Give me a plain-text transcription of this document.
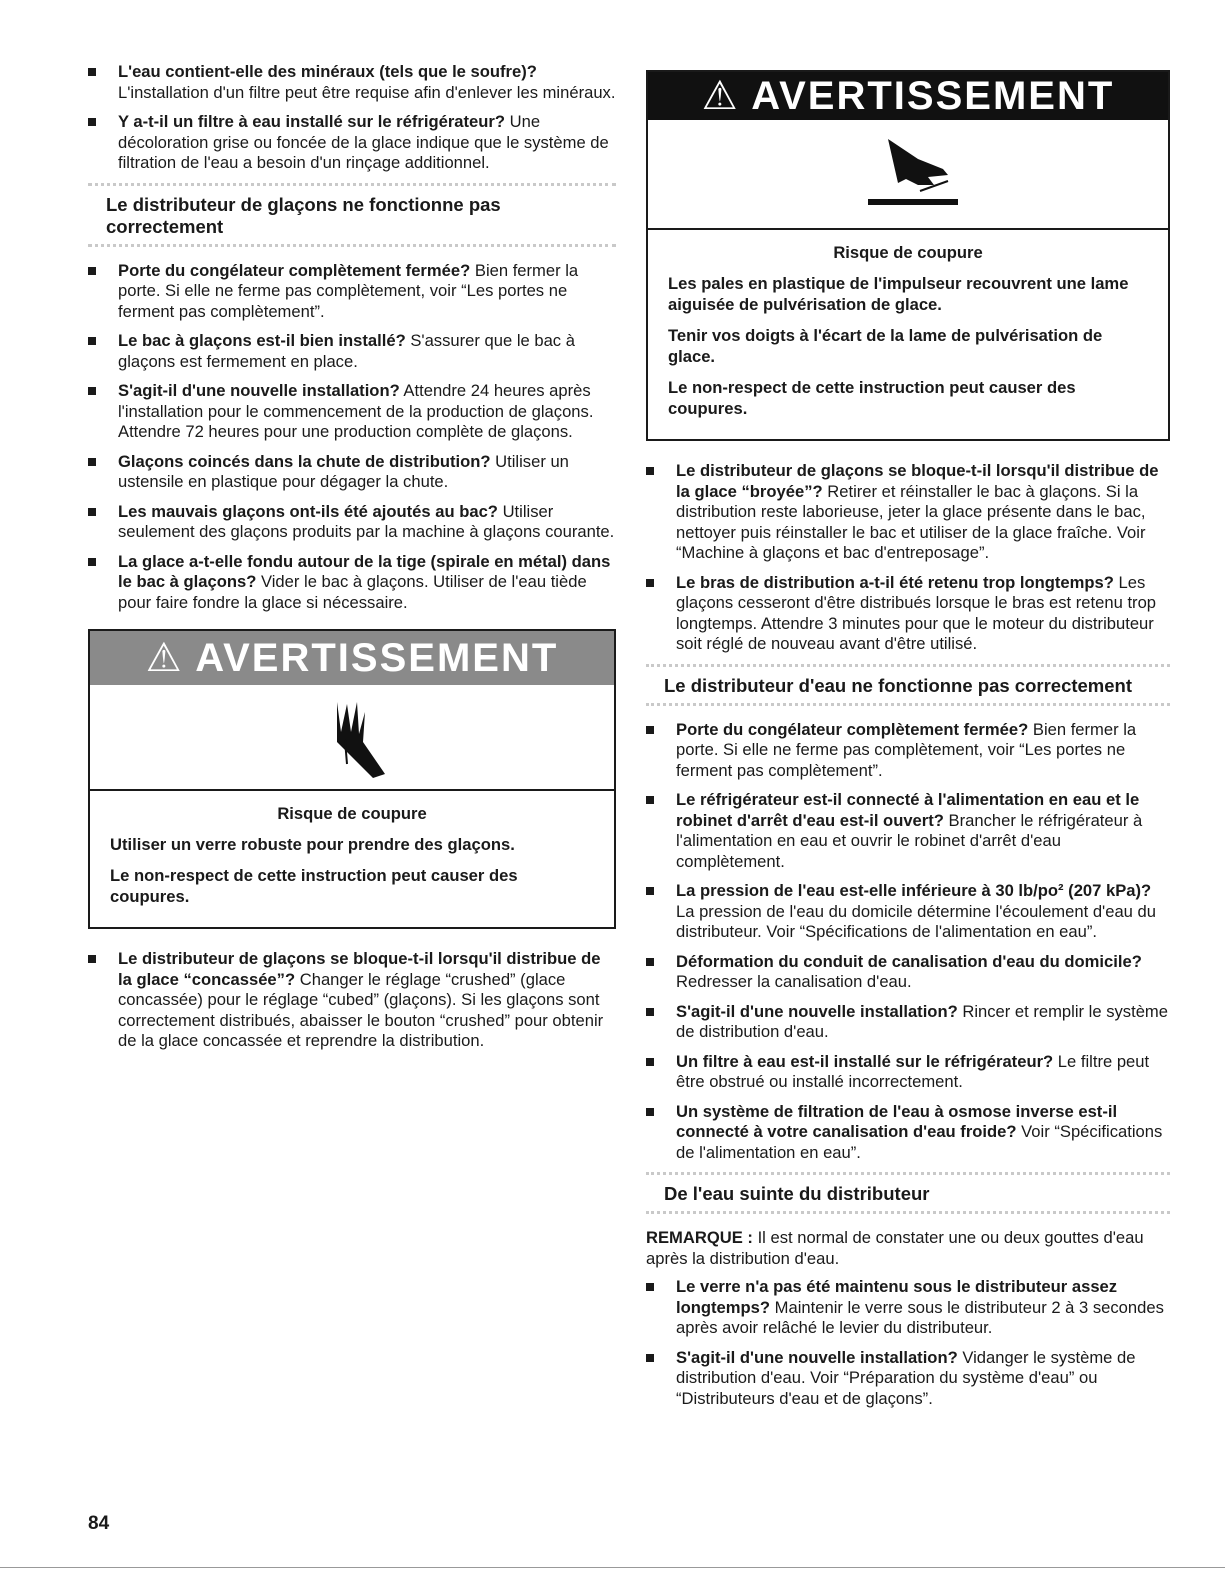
L'eau contient-elle des minéraux (tels que le soufre)? L'installation d'un filtre peut être requise afin d'enlever les minéraux.
Y a-t-il un filtre à eau installé sur le réfrigérateur? Une décoloration grise ou foncée de la glace indique que le système de filtration de l'eau a besoin d'un rinçage additionnel.
Le distributeur de glaçons ne fonctionne pas correctement
Porte du congélateur complètement fermée? Bien fermer la porte. Si elle ne ferme pas complètement, voir “Les portes ne ferment pas complètement”.
Le bac à glaçons est-il bien installé? S'assurer que le bac à glaçons est fermement en place.
S'agit-il d'une nouvelle installation? Attendre 24 heures après l'installation pour le commencement de la production de glaçons. Attendre 72 heures pour une production complète de glaçons.
Glaçons coincés dans la chute de distribution? Utiliser un ustensile en plastique pour dégager la chute.
Les mauvais glaçons ont-ils été ajoutés au bac? Utiliser seulement des glaçons produits par la machine à glaçons courante.
La glace a-t-elle fondu autour de la tige (spirale en métal) dans le bac à glaçons? Vider le bac à glaçons. Utiliser de l'eau tiède pour faire fondre la glace si nécessaire.
⚠ AVERTISSEMENT
Risque de coupure

Utiliser un verre robuste pour prendre des glaçons.

Le non-respect de cette instruction peut causer des coupures.

Le distributeur de glaçons se bloque-t-il lorsqu'il distribue de la glace “concassée”? Changer le réglage “crushed” (glace concassée) pour le réglage “cubed” (glaçons). Si les glaçons sont correctement distribués, abaisser le bouton “crushed” pour obtenir de la glace concassée et reprendre la distribution.
⚠ AVERTISSEMENT
Risque de coupure

Les pales en plastique de l'impulseur recouvrent une lame aiguisée de pulvérisation de glace.

Tenir vos doigts à l'écart de la lame de pulvérisation de glace.

Le non-respect de cette instruction peut causer des coupures.

Le distributeur de glaçons se bloque-t-il lorsqu'il distribue de la glace “broyée”? Retirer et réinstaller le bac à glaçons. Si la distribution reste laborieuse, jeter la glace présente dans le bac, nettoyer puis réinstaller le bac et utiliser de la glace fraîche. Voir “Machine à glaçons et bac d'entreposage”.
Le bras de distribution a-t-il été retenu trop longtemps? Les glaçons cesseront d'être distribués lorsque le bras est retenu trop longtemps. Attendre 3 minutes pour que le moteur du distributeur soit réglé de nouveau avant d'être utilisé.
Le distributeur d'eau ne fonctionne pas correctement
Porte du congélateur complètement fermée? Bien fermer la porte. Si elle ne ferme pas complètement, voir “Les portes ne ferment pas complètement”.
Le réfrigérateur est-il connecté à l'alimentation en eau et le robinet d'arrêt d'eau est-il ouvert? Brancher le réfrigérateur à l'alimentation en eau et ouvrir le robinet d'arrêt d'eau complètement.
La pression de l'eau est-elle inférieure à 30 lb/po² (207 kPa)? La pression de l'eau du domicile détermine l'écoulement d'eau du distributeur. Voir “Spécifications de l'alimentation en eau”.
Déformation du conduit de canalisation d'eau du domicile? Redresser la canalisation d'eau.
S'agit-il d'une nouvelle installation? Rincer et remplir le système de distribution d'eau.
Un filtre à eau est-il installé sur le réfrigérateur? Le filtre peut être obstrué ou installé incorrectement.
Un système de filtration de l'eau à osmose inverse est-il connecté à votre canalisation d'eau froide? Voir “Spécifications de l'alimentation en eau”.
De l'eau suinte du distributeur

REMARQUE : Il est normal de constater une ou deux gouttes d'eau après la distribution d'eau.

Le verre n'a pas été maintenu sous le distributeur assez longtemps? Maintenir le verre sous le distributeur 2 à 3 secondes après avoir relâché le levier du distributeur.
S'agit-il d'une nouvelle installation? Vidanger le système de distribution d'eau. Voir “Préparation du système d'eau” ou “Distributeurs d'eau et de glaçons”.
84
